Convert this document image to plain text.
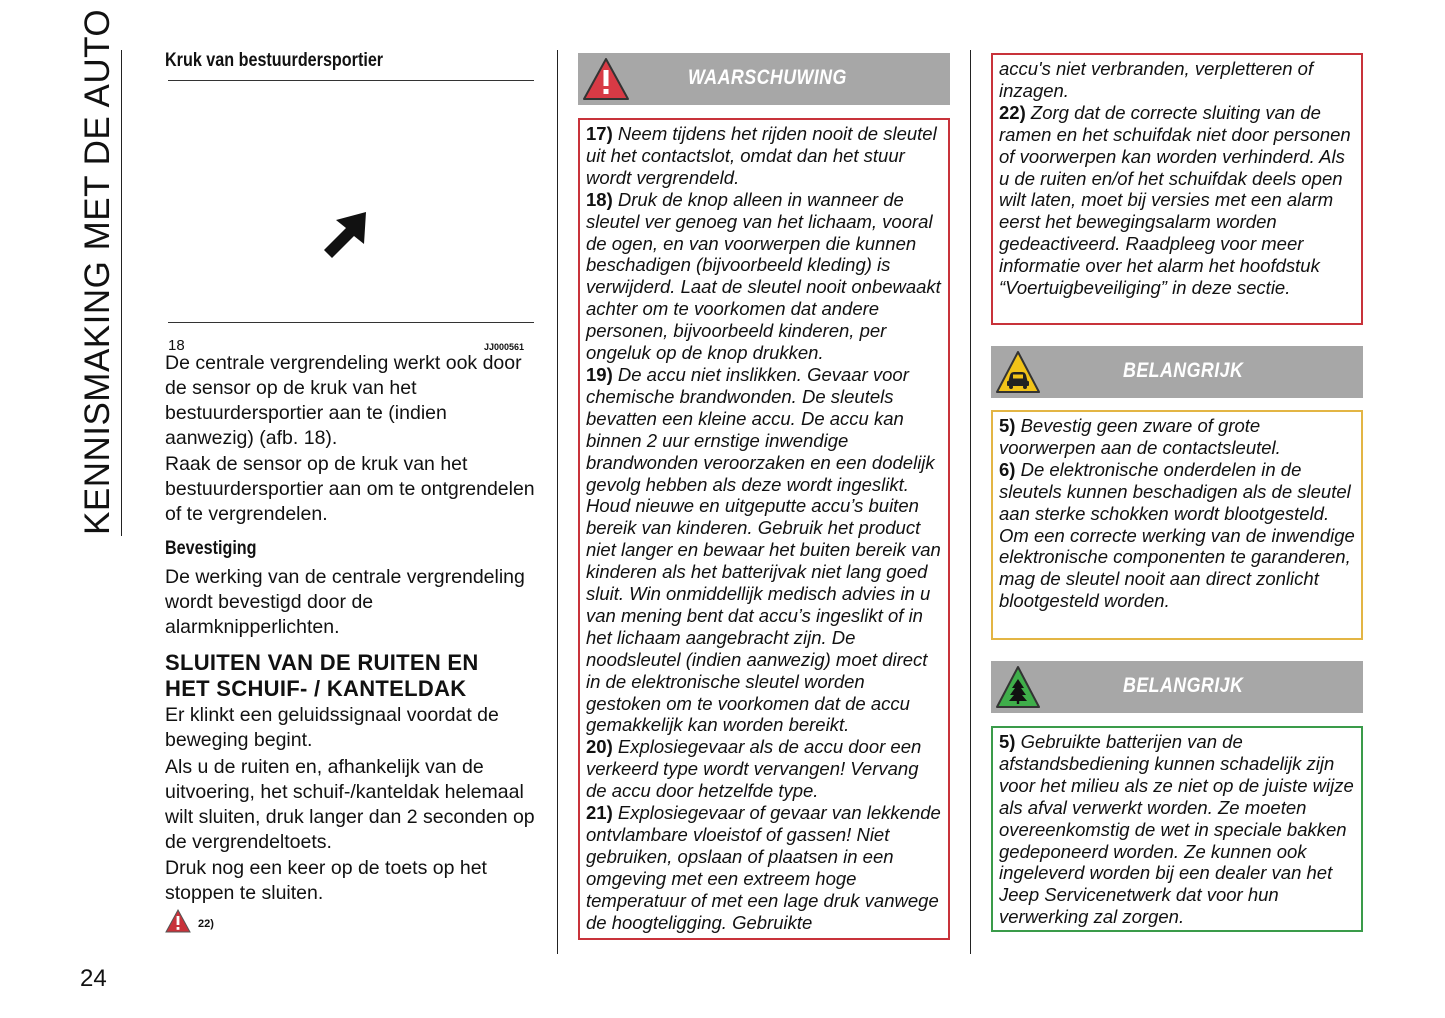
KENNISMAKING MET DE AUTO
24
Kruk van bestuurdersportier
18	JJ000561

De centrale vergrendeling werkt ook door de sensor op de kruk van het bestuurdersportier aan te (indien aanwezig) (afb. 18).

Raak de sensor op de kruk van het bestuurdersportier aan om te ontgrendelen of te vergrendelen.

Bevestiging

De werking van de centrale vergrendeling wordt bevestigd door de alarmknipperlichten.

SLUITEN VAN DE RUITEN EN
HET SCHUIF- / KANTELDAK

Er klinkt een geluidssignaal voordat de beweging begint.

Als u de ruiten en, afhankelijk van de uitvoering, het schuif-/kanteldak helemaal wilt sluiten, druk langer dan 2 seconden op de vergrendeltoets.

Druk nog een keer op de toets op het stoppen te sluiten.

22)
WAARSCHUWING

17) Neem tijdens het rijden nooit de sleutel uit het contactslot, omdat dan het stuur wordt vergrendeld.

18) Druk de knop alleen in wanneer de sleutel ver genoeg van het lichaam, vooral de ogen, en van voorwerpen die kunnen beschadigen (bijvoorbeeld kleding) is verwijderd. Laat de sleutel nooit onbewaakt achter om te voorkomen dat andere personen, bijvoorbeeld kinderen, per ongeluk op de knop drukken.

19) De accu niet inslikken. Gevaar voor chemische brandwonden. De sleutels bevatten een kleine accu. De accu kan binnen 2 uur ernstige inwendige brandwonden veroorzaken en een dodelijk gevolg hebben als deze wordt ingeslikt. Houd nieuwe en uitgeputte accu’s buiten bereik van kinderen. Gebruik het product niet langer en bewaar het buiten bereik van kinderen als het batterijvak niet lang goed sluit. Win onmiddellijk medisch advies in u van mening bent dat accu’s ingeslikt of in het lichaam aangebracht zijn. De noodsleutel (indien aanwezig) moet direct in de elektronische sleutel worden gestoken om te voorkomen dat de accu gemakkelijk kan worden bereikt.

20) Explosiegevaar als de accu door een verkeerd type wordt vervangen! Vervang de accu door hetzelfde type.

21) Explosiegevaar of gevaar van lekkende ontvlambare vloeistof of gassen! Niet gebruiken, opslaan of plaatsen in een omgeving met een extreem hoge temperatuur of met een lage druk vanwege de hoogteligging. Gebruikte

accu's niet verbranden, verpletteren of inzagen.

22) Zorg dat de correcte sluiting van de ramen en het schuifdak niet door personen of voorwerpen kan worden verhinderd. Als u de ruiten en/of het schuifdak deels open wilt laten, moet bij versies met een alarm eerst het bewegingsalarm worden gedeactiveerd. Raadpleeg voor meer informatie over het alarm het hoofdstuk “Voertuigbeveiliging” in deze sectie.

BELANGRIJK

5) Bevestig geen zware of grote voorwerpen aan de contactsleutel.

6) De elektronische onderdelen in de sleutels kunnen beschadigen als de sleutel aan sterke schokken wordt blootgesteld. Om een correcte werking van de inwendige elektronische componenten te garanderen, mag de sleutel nooit aan direct zonlicht blootgesteld worden.

BELANGRIJK

5) Gebruikte batterijen van de afstandsbediening kunnen schadelijk zijn voor het milieu als ze niet op de juiste wijze als afval verwerkt worden. Ze moeten overeenkomstig de wet in speciale bakken gedeponeerd worden. Ze kunnen ook ingeleverd worden bij een dealer van het Jeep Servicenetwerk dat voor hun verwerking zal zorgen.
